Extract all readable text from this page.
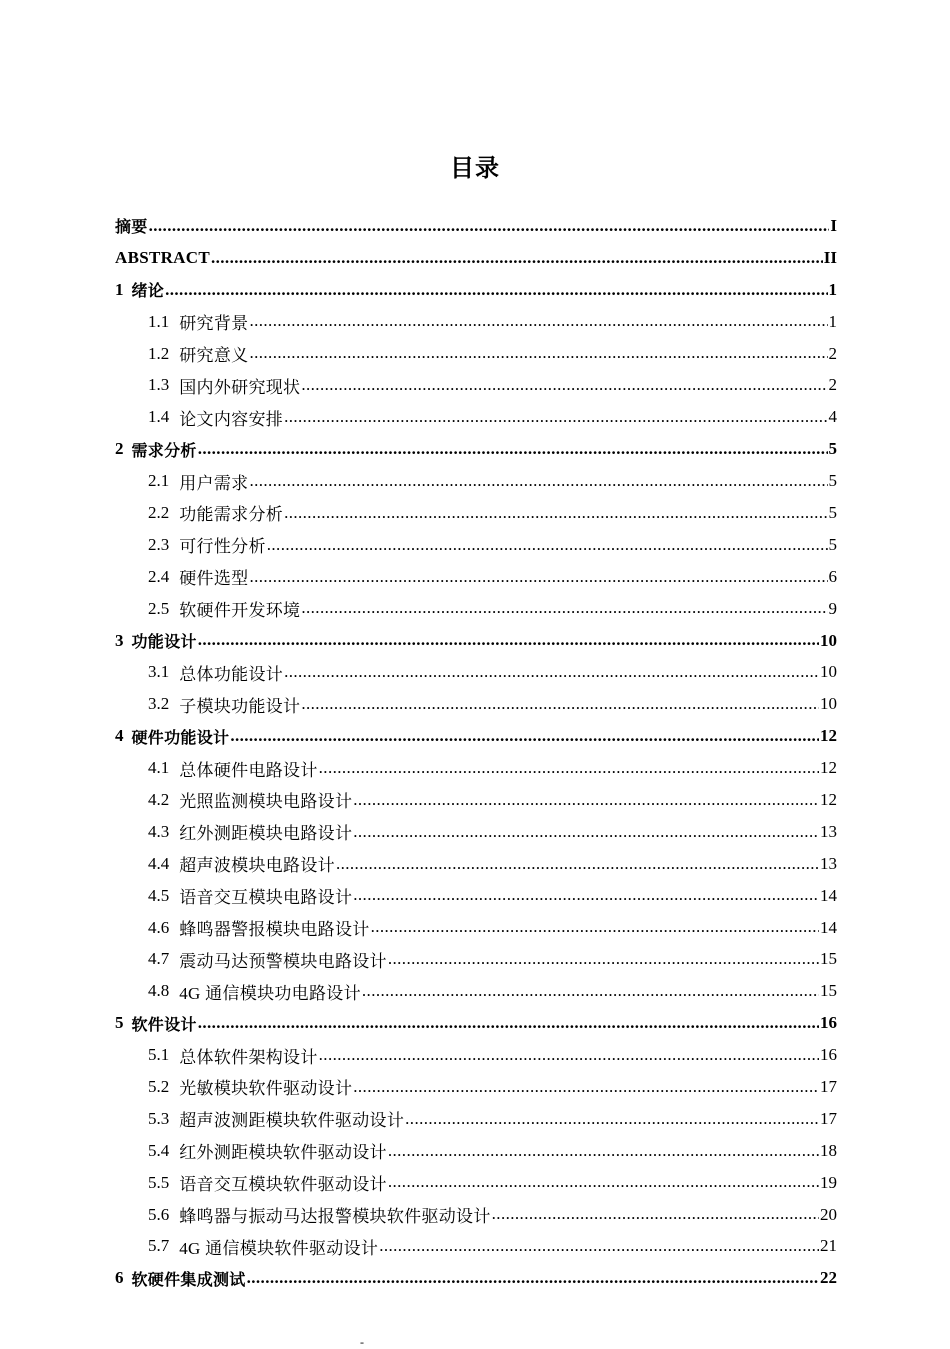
目录
摘要 .....	I
ABSTRACT .....	II
1 绪论 .....	1
1.1 研究背景 .....	1
1.2 研究意义 .....	2
1.3 国内外研究现状 .....	2
1.4 论文内容安排 .....	4
2 需求分析 .....	5
2.1 用户需求 .....	5
2.2 功能需求分析 .....	5
2.3 可行性分析 .....	5
2.4 硬件选型 .....	6
2.5 软硬件开发环境 .....	9
3 功能设计 .....	10
3.1 总体功能设计 .....	10
3.2 子模块功能设计 .....	10
4 硬件功能设计 .....	12
4.1 总体硬件电路设计 .....	12
4.2 光照监测模块电路设计 .....	12
4.3 红外测距模块电路设计 .....	13
4.4 超声波模块电路设计 .....	13
4.5 语音交互模块电路设计 .....	14
4.6 蜂鸣器警报模块电路设计 .....	14
4.7 震动马达预警模块电路设计 .....	15
4.8 4G 通信模块功电路设计 .....	15
5 软件设计 .....	16
5.1 总体软件架构设计 .....	16
5.2 光敏模块软件驱动设计 .....	17
5.3 超声波测距模块软件驱动设计 .....	17
5.4 红外测距模块软件驱动设计 .....	18
5.5 语音交互模块软件驱动设计 .....	19
5.6 蜂鸣器与振动马达报警模块软件驱动设计 .....	20
5.7 4G 通信模块软件驱动设计 .....	21
6 软硬件集成测试 .....	22
-
